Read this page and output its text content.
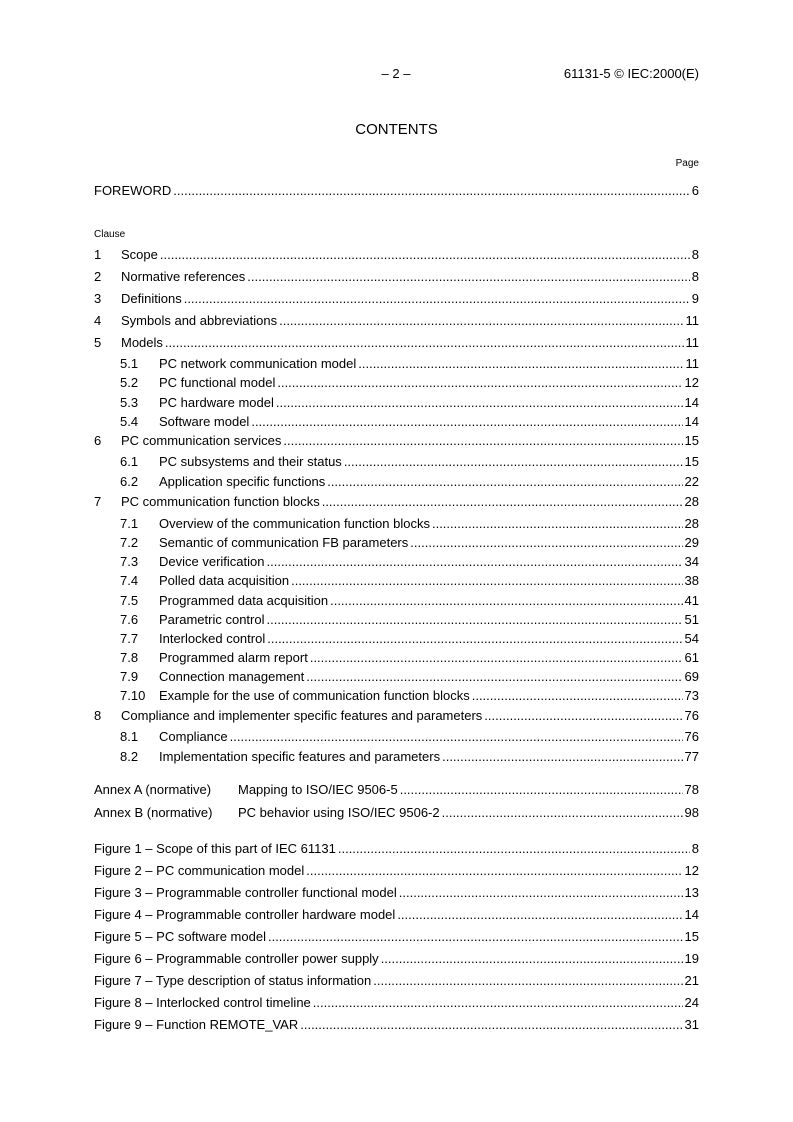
– 2 –	61131-5 © IEC:2000(E)
CONTENTS
Page
FOREWORD .....	6
Clause
1	Scope .....	8
2	Normative references .....	8
3	Definitions .....	9
4	Symbols and abbreviations .....	11
5	Models .....	11
5.1	PC network communication model .....	11
5.2	PC functional model .....	12
5.3	PC hardware model .....	14
5.4	Software model .....	14
6	PC communication services .....	15
6.1	PC subsystems and their status .....	15
6.2	Application specific functions .....	22
7	PC communication function blocks .....	28
7.1	Overview of the communication function blocks .....	28
7.2	Semantic of communication FB parameters .....	29
7.3	Device verification .....	34
7.4	Polled data acquisition .....	38
7.5	Programmed data acquisition .....	41
7.6	Parametric control .....	51
7.7	Interlocked control .....	54
7.8	Programmed alarm report .....	61
7.9	Connection management .....	69
7.10	Example for the use of communication function blocks .....	73
8	Compliance and implementer specific features and parameters .....	76
8.1	Compliance .....	76
8.2	Implementation specific features and parameters .....	77
Annex A (normative)	Mapping to ISO/IEC 9506-5 .....	78
Annex B (normative)	PC behavior using ISO/IEC 9506-2 .....	98
Figure 1 – Scope of this part of IEC 61131 .....	8
Figure 2 – PC communication model .....	12
Figure 3 – Programmable controller functional model .....	13
Figure 4 – Programmable controller hardware model .....	14
Figure 5 – PC software model .....	15
Figure 6 – Programmable controller power supply .....	19
Figure 7 – Type description of status information .....	21
Figure 8 – Interlocked control timeline .....	24
Figure 9 – Function REMOTE_VAR .....	31
